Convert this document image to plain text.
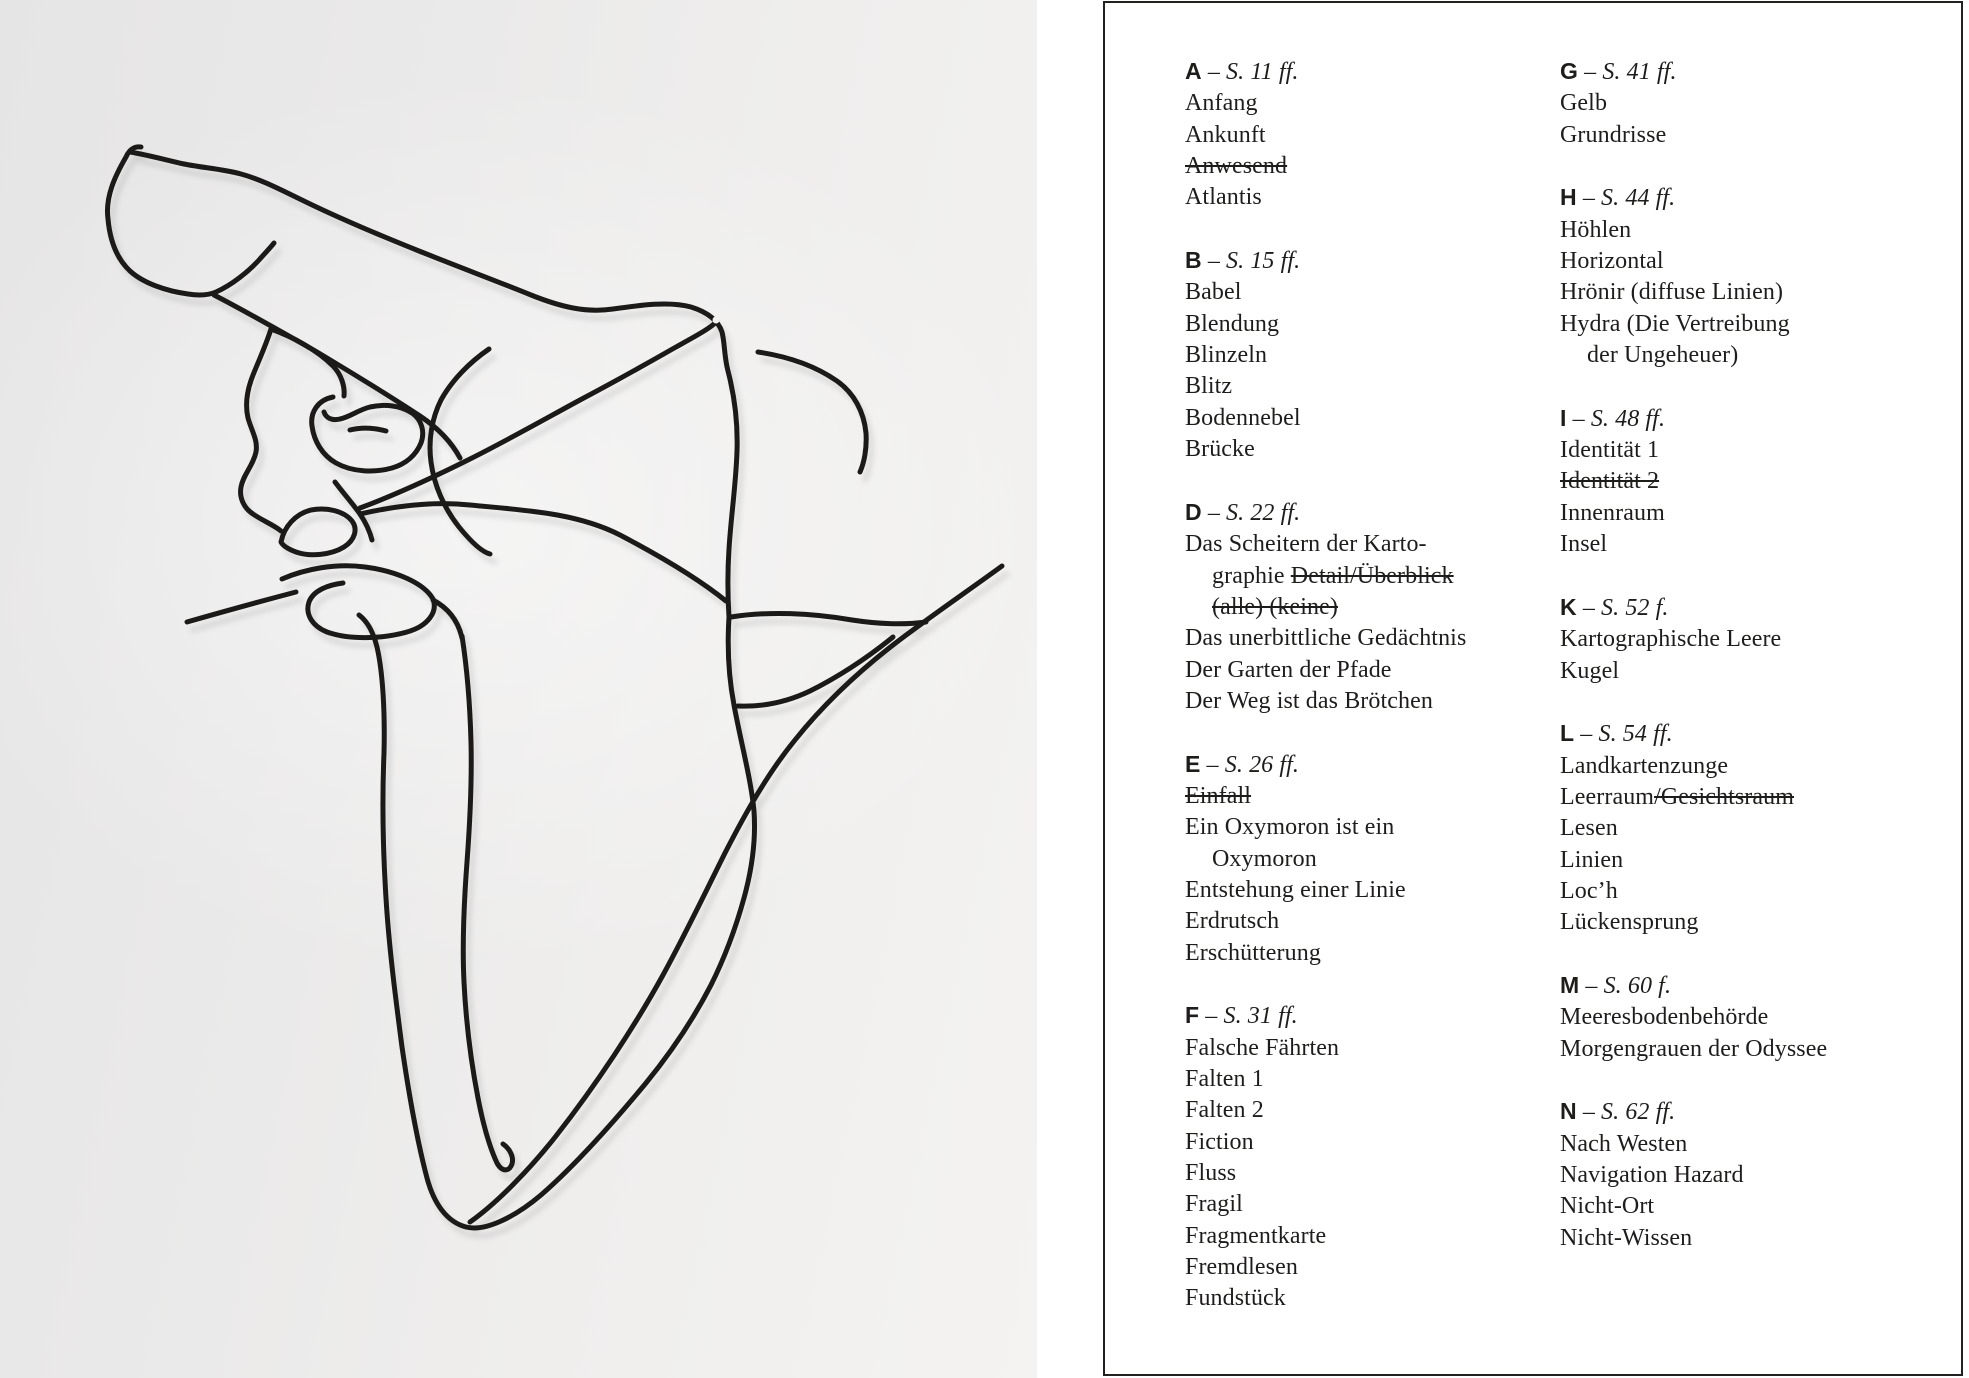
A – S. 11 ff.
Anfang
Ankunft
Anwesend
Atlantis
B – S. 15 ff.
Babel
Blendung
Blinzeln
Blitz
Bodennebel
Brücke
D – S. 22 ff.
Das Scheitern der Karto-
graphie Detail/Überblick
(alle) (keine)
Das unerbittliche Gedächtnis
Der Garten der Pfade
Der Weg ist das Brötchen
E – S. 26 ff.
Einfall
Ein Oxymoron ist ein
Oxymoron
Entstehung einer Linie
Erdrutsch
Erschütterung
F – S. 31 ff.
Falsche Fährten
Falten 1
Falten 2
Fiction
Fluss
Fragil
Fragmentkarte
Fremdlesen
Fundstück
G – S. 41 ff.
Gelb
Grundrisse
H – S. 44 ff.
Höhlen
Horizontal
Hrönir (diffuse Linien)
Hydra (Die Vertreibung
der Ungeheuer)
I – S. 48 ff.
Identität 1
Identität 2
Innenraum
Insel
K – S. 52 f.
Kartographische Leere
Kugel
L – S. 54 ff.
Landkartenzunge
Leerraum/Gesichtsraum
Lesen
Linien
Loc’h
Lückensprung
M – S. 60 f.
Meeresbodenbehörde
Morgengrauen der Odyssee
N – S. 62 ff.
Nach Westen
Navigation Hazard
Nicht-Ort
Nicht-Wissen
